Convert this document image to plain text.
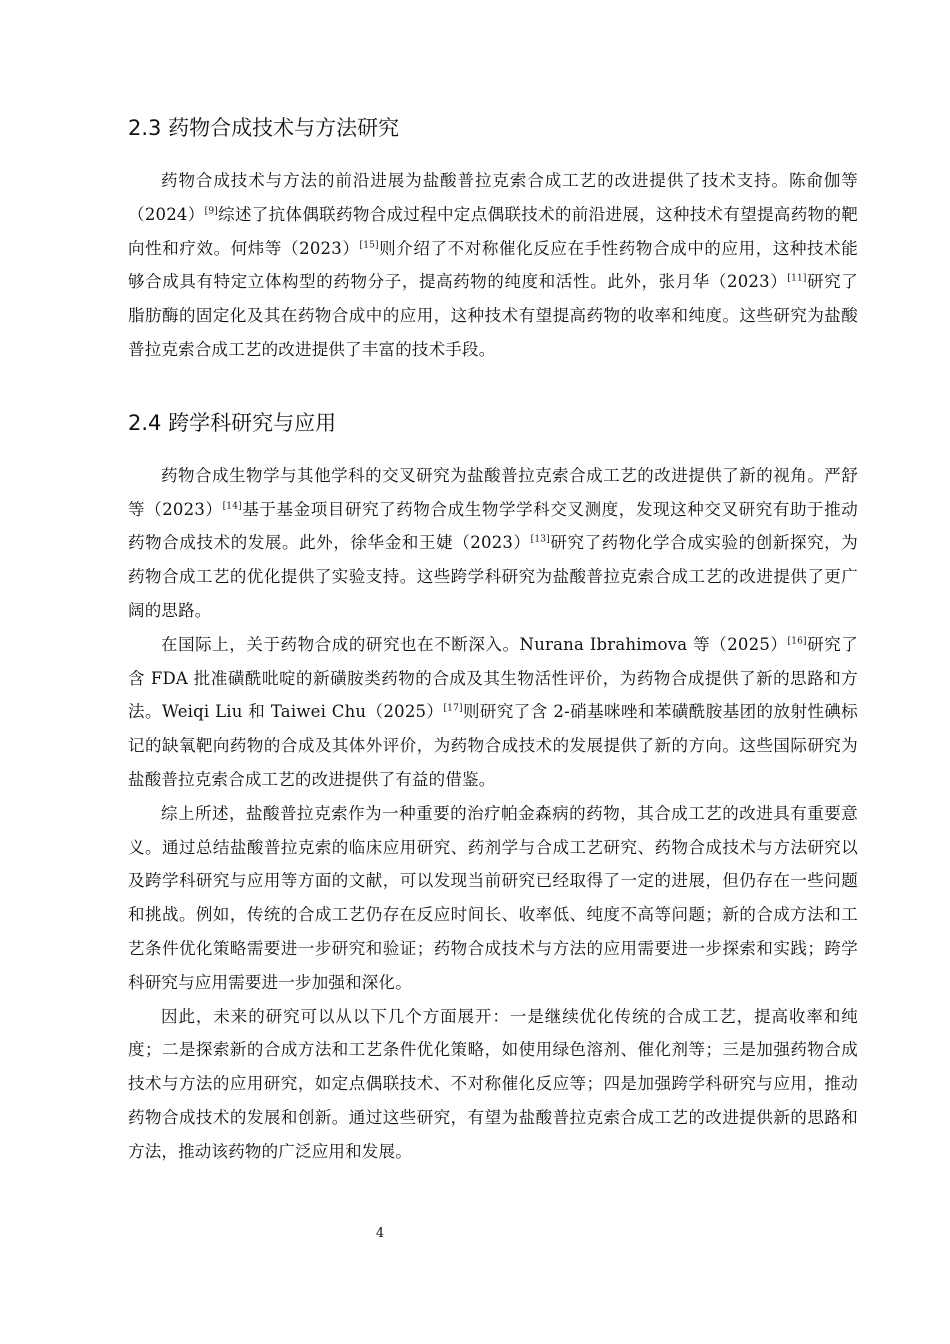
2.3 药物合成技术与方法研究

药物合成技术与方法的前沿进展为盐酸普拉克索合成工艺的改进提供了技术支持。陈俞伽等（2024）[9]综述了抗体偶联药物合成过程中定点偶联技术的前沿进展，这种技术有望提高药物的靶向性和疗效。何炜等（2023）[15]则介绍了不对称催化反应在手性药物合成中的应用，这种技术能够合成具有特定立体构型的药物分子，提高药物的纯度和活性。此外，张月华（2023）[11]研究了脂肪酶的固定化及其在药物合成中的应用，这种技术有望提高药物的收率和纯度。这些研究为盐酸普拉克索合成工艺的改进提供了丰富的技术手段。

2.4 跨学科研究与应用

药物合成生物学与其他学科的交叉研究为盐酸普拉克索合成工艺的改进提供了新的视角。严舒等（2023）[14]基于基金项目研究了药物合成生物学学科交叉测度，发现这种交叉研究有助于推动药物合成技术的发展。此外，徐华金和王婕（2023）[13]研究了药物化学合成实验的创新探究，为药物合成工艺的优化提供了实验支持。这些跨学科研究为盐酸普拉克索合成工艺的改进提供了更广阔的思路。

在国际上，关于药物合成的研究也在不断深入。Nurana Ibrahimova 等（2025）[16]研究了含 FDA 批准磺酰吡啶的新磺胺类药物的合成及其生物活性评价，为药物合成提供了新的思路和方法。Weiqi Liu 和 Taiwei Chu（2025）[17]则研究了含 2-硝基咪唑和苯磺酰胺基团的放射性碘标记的缺氧靶向药物的合成及其体外评价，为药物合成技术的发展提供了新的方向。这些国际研究为盐酸普拉克索合成工艺的改进提供了有益的借鉴。

综上所述，盐酸普拉克索作为一种重要的治疗帕金森病的药物，其合成工艺的改进具有重要意义。通过总结盐酸普拉克索的临床应用研究、药剂学与合成工艺研究、药物合成技术与方法研究以及跨学科研究与应用等方面的文献，可以发现当前研究已经取得了一定的进展，但仍存在一些问题和挑战。例如，传统的合成工艺仍存在反应时间长、收率低、纯度不高等问题；新的合成方法和工艺条件优化策略需要进一步研究和验证；药物合成技术与方法的应用需要进一步探索和实践；跨学科研究与应用需要进一步加强和深化。

因此，未来的研究可以从以下几个方面展开：一是继续优化传统的合成工艺，提高收率和纯度；二是探索新的合成方法和工艺条件优化策略，如使用绿色溶剂、催化剂等；三是加强药物合成技术与方法的应用研究，如定点偶联技术、不对称催化反应等；四是加强跨学科研究与应用，推动药物合成技术的发展和创新。通过这些研究，有望为盐酸普拉克索合成工艺的改进提供新的思路和方法，推动该药物的广泛应用和发展。

4
